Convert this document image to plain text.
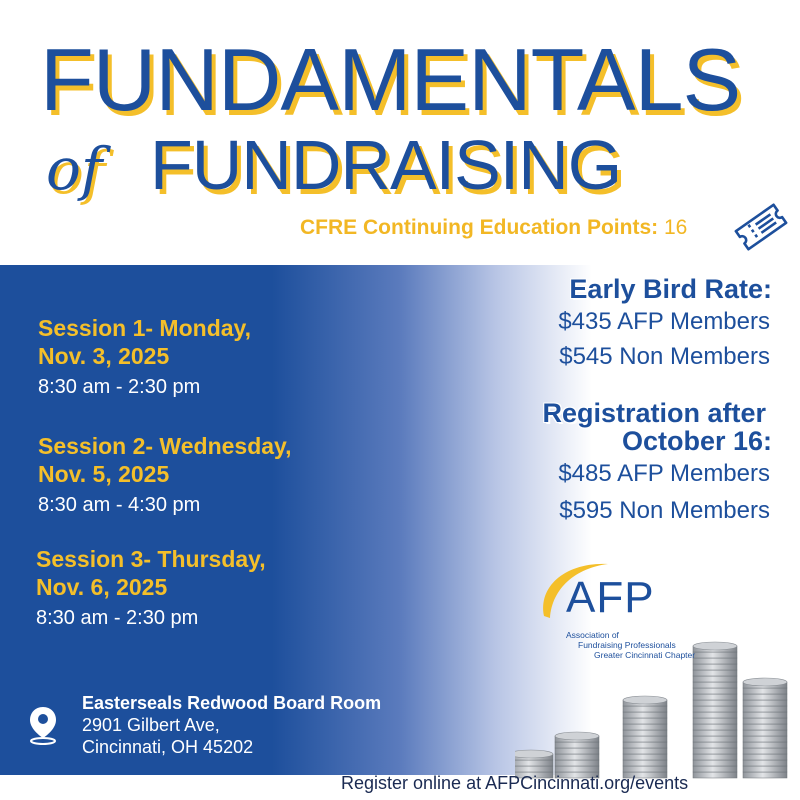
FUNDAMENTALS
of FUNDRAISING
CFRE Continuing Education Points: 16
Session 1- Monday,
Nov. 3, 2025
8:30 am - 2:30 pm
Session 2- Wednesday,
Nov. 5, 2025
8:30 am - 4:30 pm
Session 3- Thursday,
Nov. 6, 2025
8:30 am - 2:30 pm
Easterseals Redwood Board Room
2901 Gilbert Ave,
Cincinnati, OH 45202
Early Bird Rate:
$435 AFP Members
$545 Non Members
Registration after
October 16:
$485 AFP Members
$595 Non Members
AFP
Association of
Fundraising Professionals
Greater Cincinnati Chapter
Register online at AFPCincinnati.org/events
